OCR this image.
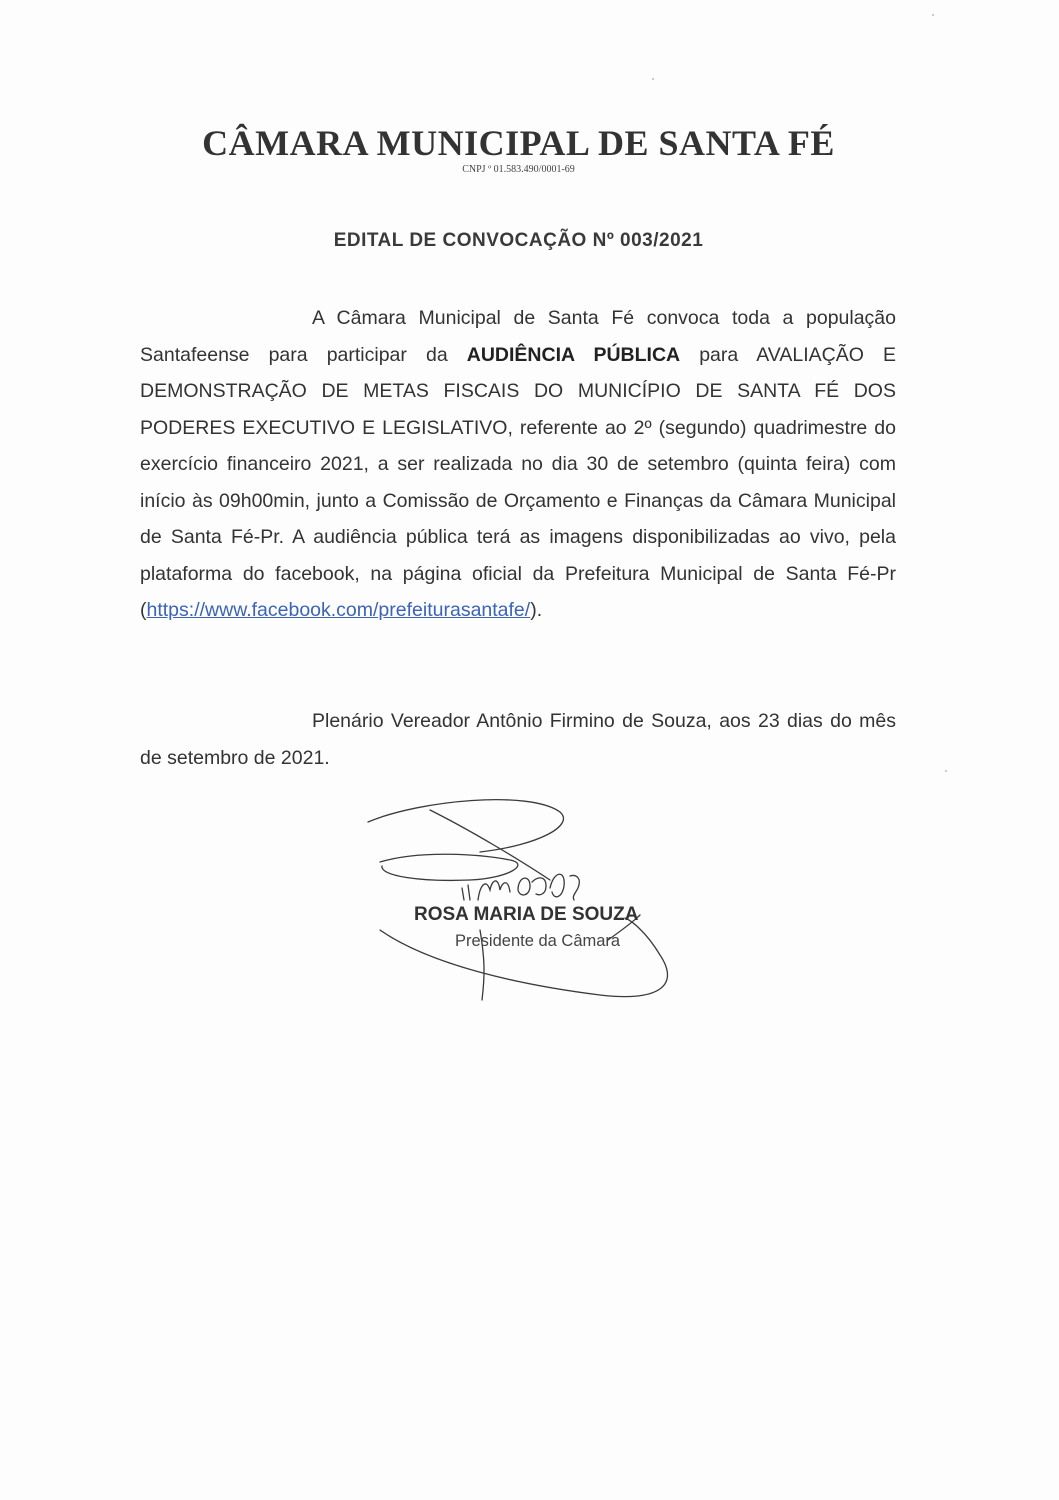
CÂMARA MUNICIPAL DE SANTA FÉ
CNPJ º 01.583.490/0001-69
EDITAL DE CONVOCAÇÃO Nº 003/2021

A Câmara Municipal de Santa Fé convoca toda a população Santafeense para participar da AUDIÊNCIA PÚBLICA para AVALIAÇÃO E DEMONSTRAÇÃO DE METAS FISCAIS DO MUNICÍPIO DE SANTA FÉ DOS PODERES EXECUTIVO E LEGISLATIVO, referente ao 2º (segundo) quadrimestre do exercício financeiro 2021, a ser realizada no dia 30 de setembro (quinta feira) com início às 09h00min, junto a Comissão de Orçamento e Finanças da Câmara Municipal de Santa Fé-Pr. A audiência pública terá as imagens disponibilizadas ao vivo, pela plataforma do facebook, na página oficial da Prefeitura Municipal de Santa Fé-Pr (https://www.facebook.com/prefeiturasantafe/).

Plenário Vereador Antônio Firmino de Souza, aos 23 dias do mês de setembro de 2021.

ROSA MARIA DE SOUZA
Presidente da Câmara
